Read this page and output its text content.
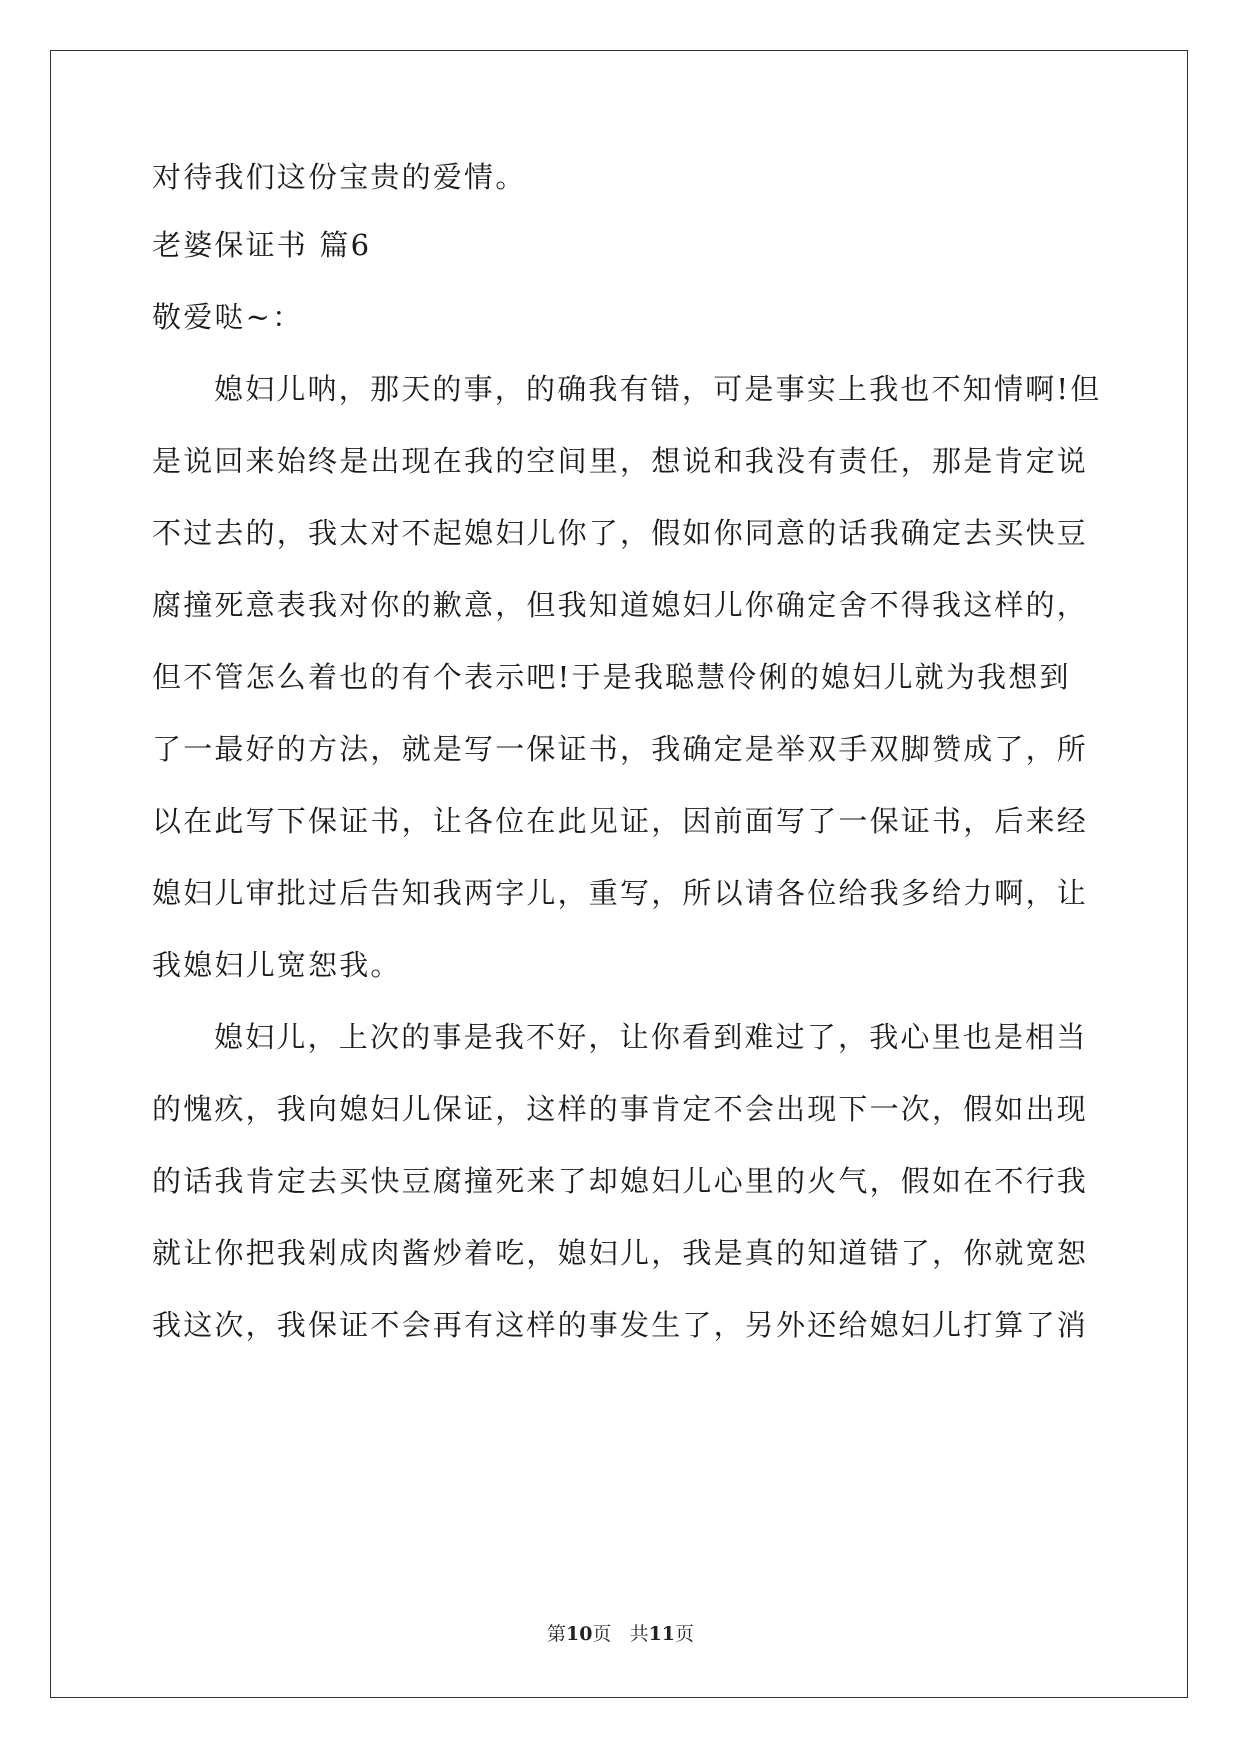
对待我们这份宝贵的爱情。
老婆保证书 篇6
敬爱哒~：
媳妇儿呐，那天的事，的确我有错，可是事实上我也不知情啊!但
是说回来始终是出现在我的空间里，想说和我没有责任，那是肯定说
不过去的，我太对不起媳妇儿你了，假如你同意的话我确定去买快豆
腐撞死意表我对你的歉意，但我知道媳妇儿你确定舍不得我这样的，
但不管怎么着也的有个表示吧!于是我聪慧伶俐的媳妇儿就为我想到
了一最好的方法，就是写一保证书，我确定是举双手双脚赞成了，所
以在此写下保证书，让各位在此见证，因前面写了一保证书，后来经
媳妇儿审批过后告知我两字儿，重写，所以请各位给我多给力啊，让
我媳妇儿宽恕我。
媳妇儿，上次的事是我不好，让你看到难过了，我心里也是相当
的愧疚，我向媳妇儿保证，这样的事肯定不会出现下一次，假如出现
的话我肯定去买快豆腐撞死来了却媳妇儿心里的火气，假如在不行我
就让你把我剁成肉酱炒着吃，媳妇儿，我是真的知道错了，你就宽恕
我这次，我保证不会再有这样的事发生了，另外还给媳妇儿打算了消
第10页 共11页
